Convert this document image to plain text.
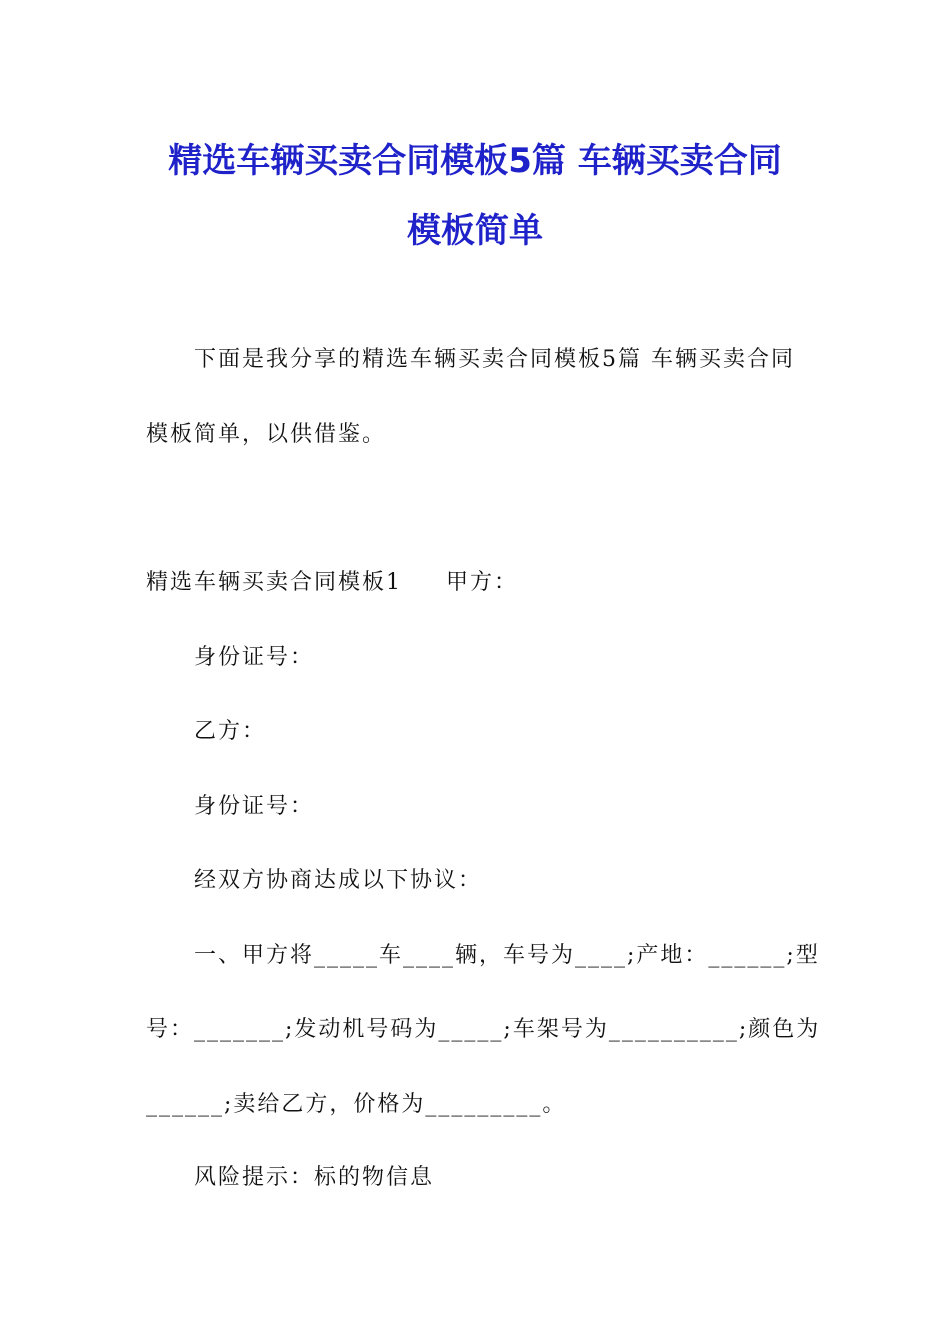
精选车辆买卖合同模板5篇 车辆买卖合同
模板简单
下面是我分享的精选车辆买卖合同模板5篇 车辆买卖合同
模板简单，以供借鉴。
精选车辆买卖合同模板1 甲方：
身份证号：
乙方：
身份证号：
经双方协商达成以下协议：
一、甲方将_____车____辆，车号为____;产地：______;型
号：_______;发动机号码为_____;车架号为__________;颜色为
______;卖给乙方，价格为_________。
风险提示：标的物信息
